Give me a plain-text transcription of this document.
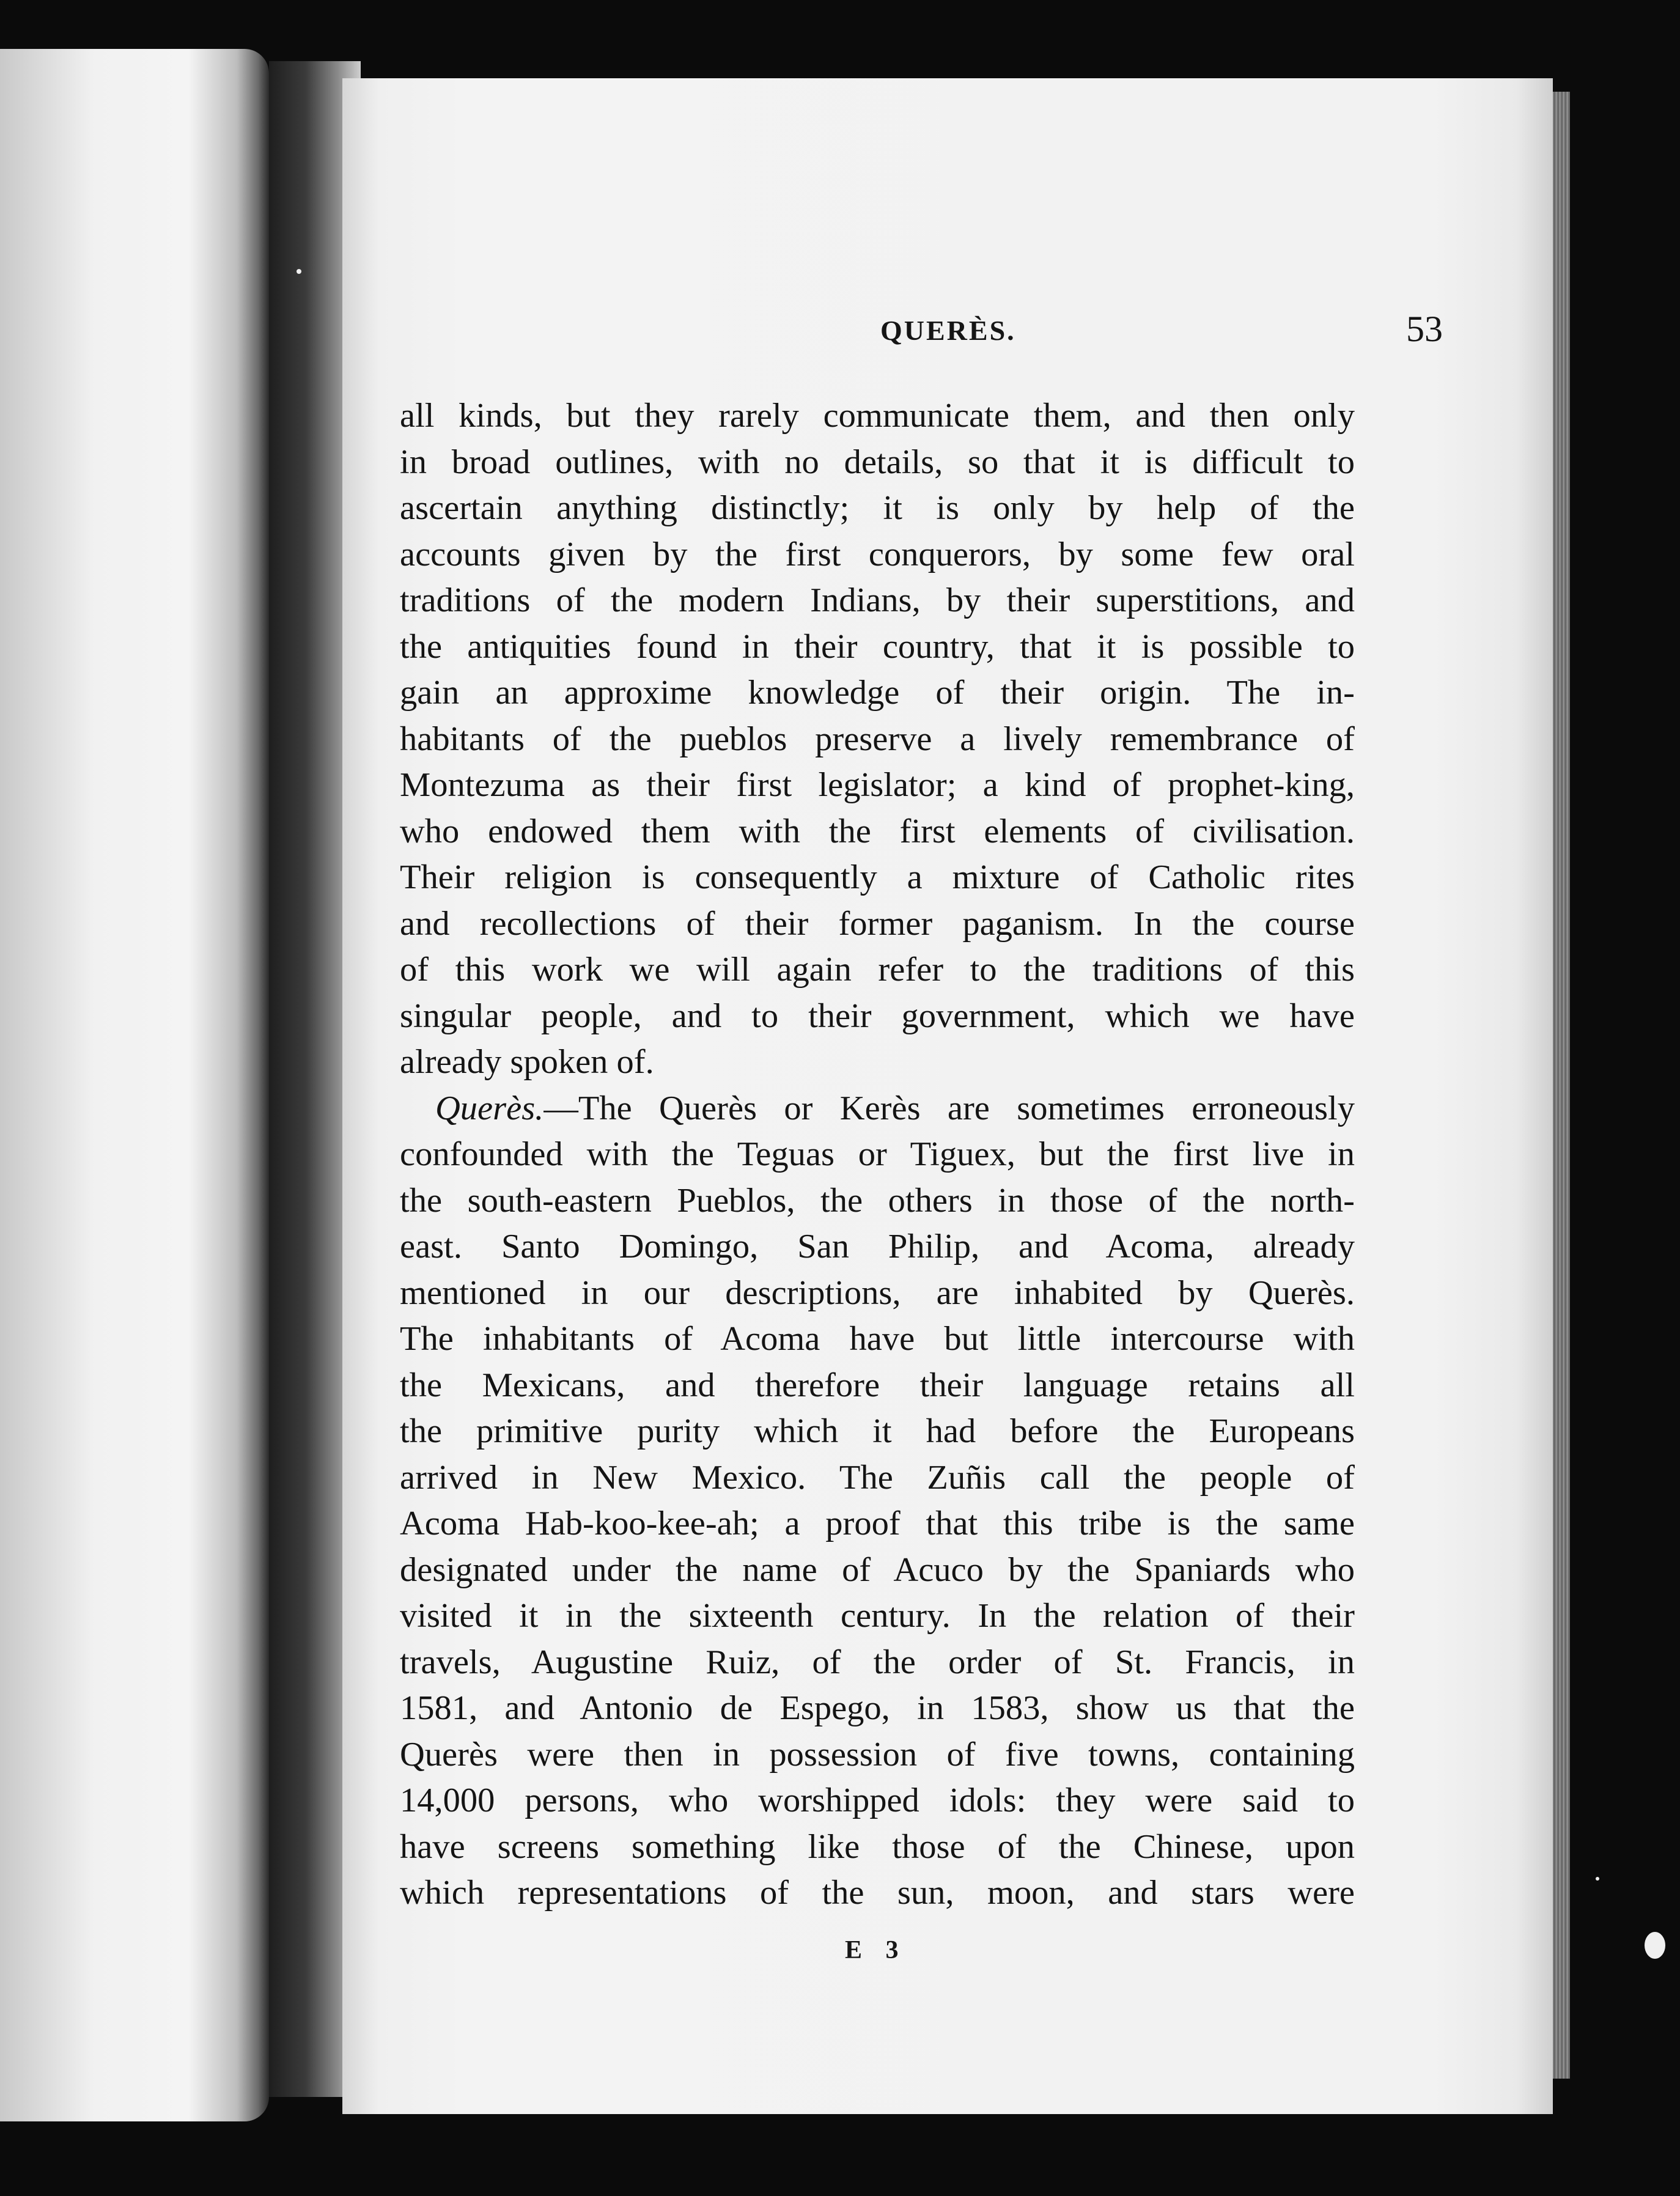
QUERÈS.	53
all kinds, but they rarely communicate them, and then only
in broad outlines, with no details, so that it is difficult to
ascertain anything distinctly; it is only by help of the
accounts given by the first conquerors, by some few oral
traditions of the modern Indians, by their superstitions, and
the antiquities found in their country, that it is possible to
gain an approxime knowledge of their origin. The in-
habitants of the pueblos preserve a lively remembrance of
Montezuma as their first legislator; a kind of prophet-king,
who endowed them with the first elements of civilisation.
Their religion is consequently a mixture of Catholic rites
and recollections of their former paganism. In the course
of this work we will again refer to the traditions of this
singular people, and to their government, which we have
already spoken of.
Querès.—The Querès or Kerès are sometimes erroneously
confounded with the Teguas or Tiguex, but the first live in
the south-eastern Pueblos, the others in those of the north-
east. Santo Domingo, San Philip, and Acoma, already
mentioned in our descriptions, are inhabited by Querès.
The inhabitants of Acoma have but little intercourse with
the Mexicans, and therefore their language retains all
the primitive purity which it had before the Europeans
arrived in New Mexico. The Zuñis call the people of
Acoma Hab-koo-kee-ah; a proof that this tribe is the same
designated under the name of Acuco by the Spaniards who
visited it in the sixteenth century. In the relation of their
travels, Augustine Ruiz, of the order of St. Francis, in
1581, and Antonio de Espego, in 1583, show us that the
Querès were then in possession of five towns, containing
14,000 persons, who worshipped idols: they were said to
have screens something like those of the Chinese, upon
which representations of the sun, moon, and stars were
E 3
